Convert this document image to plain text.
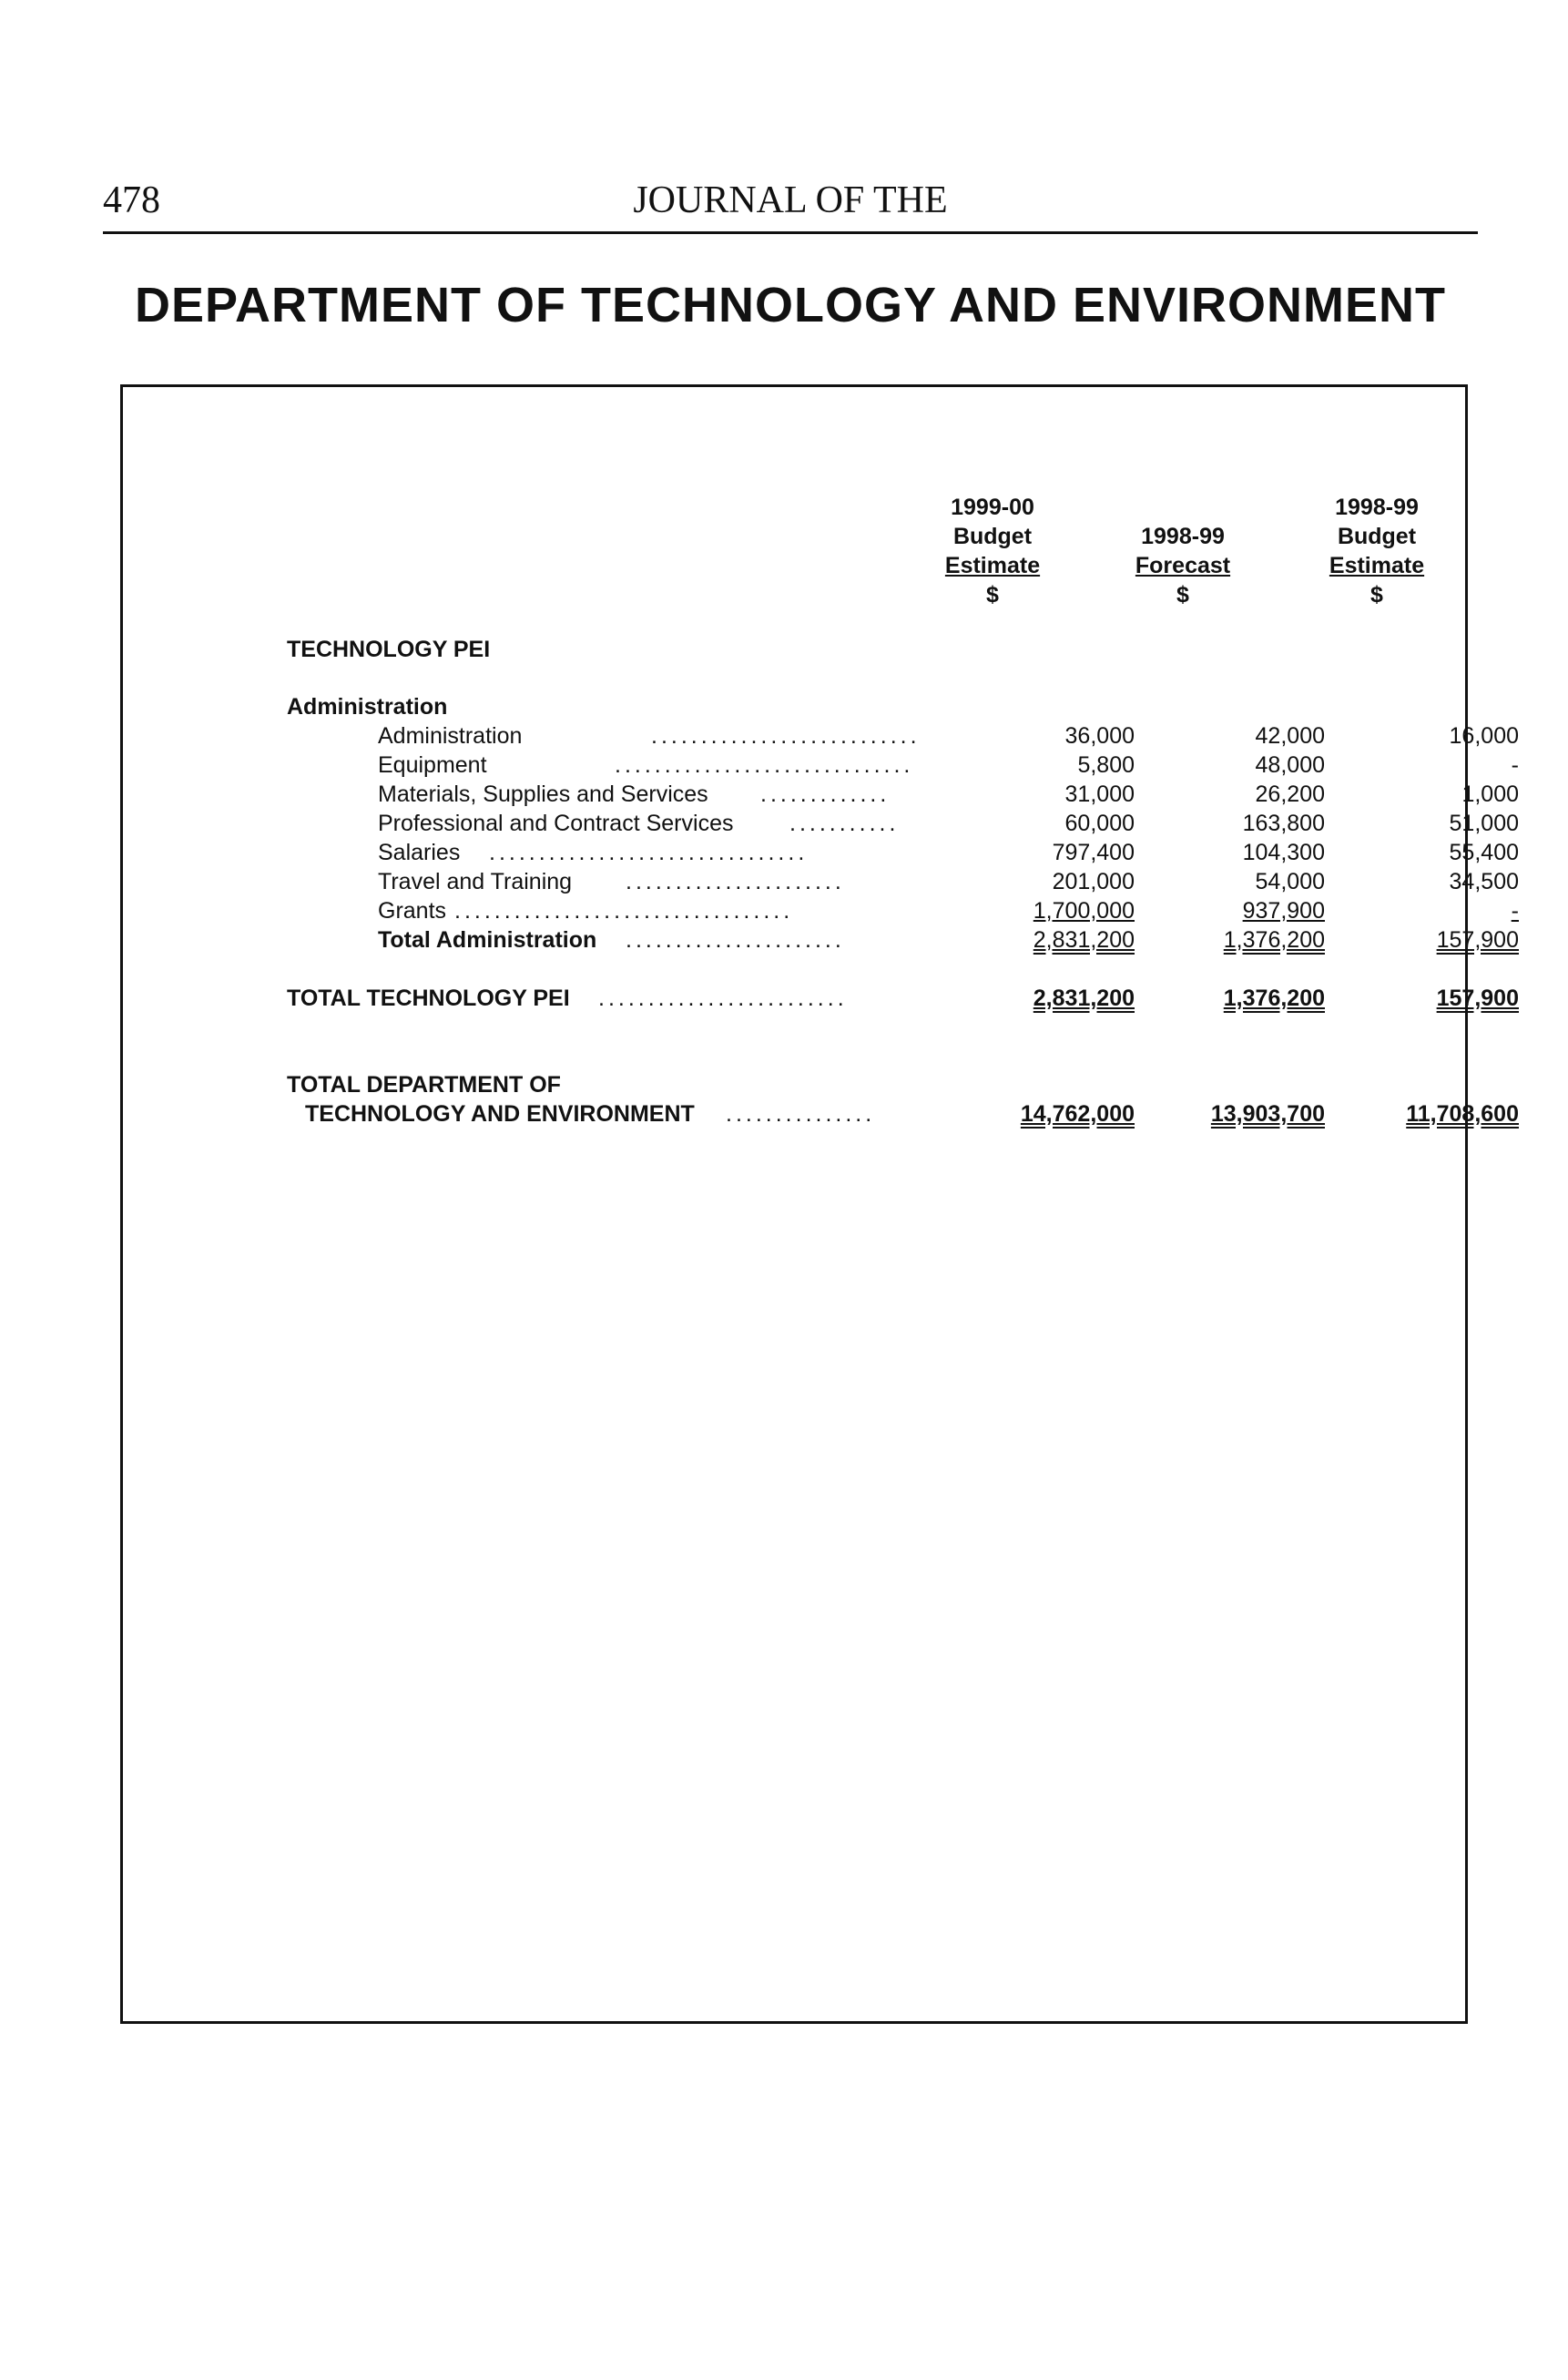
478	JOURNAL OF THE
DEPARTMENT OF TECHNOLOGY AND ENVIRONMENT
1999-00
Budget
Estimate
$
1998-99
Forecast
$
1998-99
Budget
Estimate
$
TECHNOLOGY PEI
Administration
Administration	...........................	36,000	42,000	16,000
Equipment	..............................	5,800	48,000	-
Materials, Supplies and Services .............	31,000	26,200	1,000
Professional and Contract Services ...........	60,000	163,800	51,000
Salaries ................................	797,400	104,300	55,400
Travel and Training ......................	201,000	54,000	34,500
Grants ..................................	1,700,000	937,900	-
Total Administration ......................	2,831,200	1,376,200	157,900
TOTAL TECHNOLOGY PEI .........................	2,831,200	1,376,200	157,900
TOTAL DEPARTMENT OF
TECHNOLOGY AND ENVIRONMENT ...............	14,762,000	13,903,700	11,708,600
